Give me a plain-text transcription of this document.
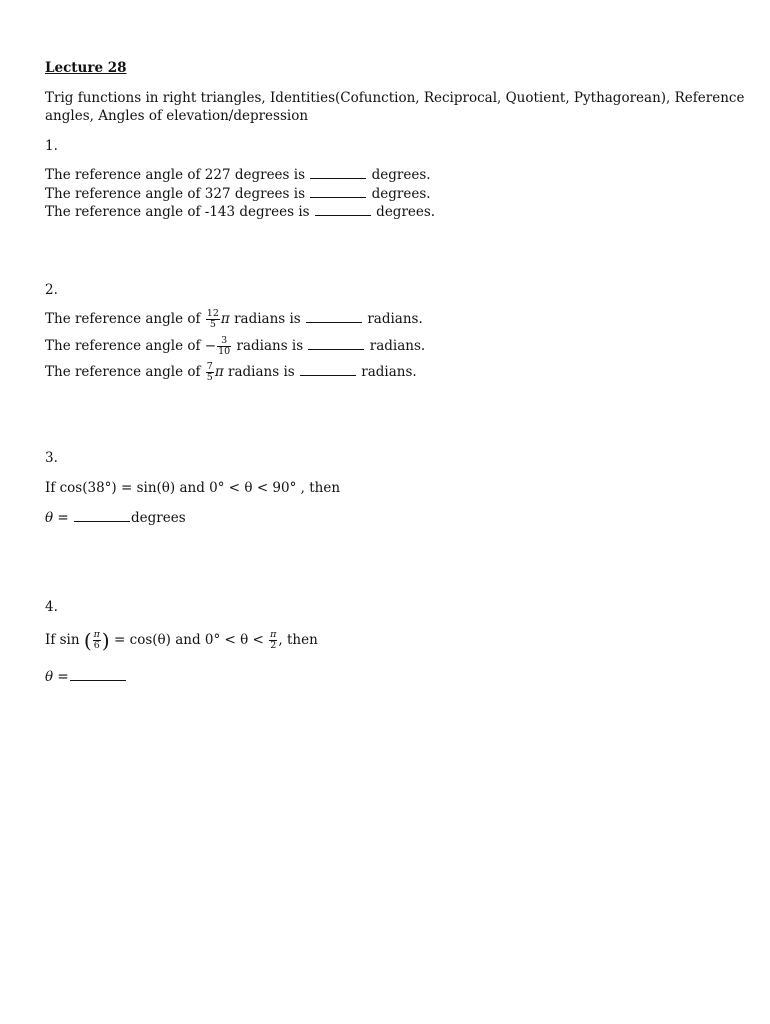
Lecture 28
Trig functions in right triangles, Identities(Cofunction, Reciprocal, Quotient, Pythagorean), Reference
angles, Angles of elevation/depression
1.
The reference angle of 227 degrees is	degrees.
The reference angle of 327 degrees is	degrees.
The reference angle of -143 degrees is	degrees.
2.
The reference angle of $\frac{12}{5}$ π radians is	radians.
The reference angle of − $\frac{3}{10}$ radians is	radians.
The reference angle of $\frac{7}{5}$ π radians is	radians.
3.
If cos(38°) = sin(θ) and 0° < θ < 90° , then
θ =	degrees
4.
If sin ( $\frac{\pi}{6}$ ) = cos(θ) and $0^\circ < \theta < \frac{\pi}{2}$ , then
θ =
